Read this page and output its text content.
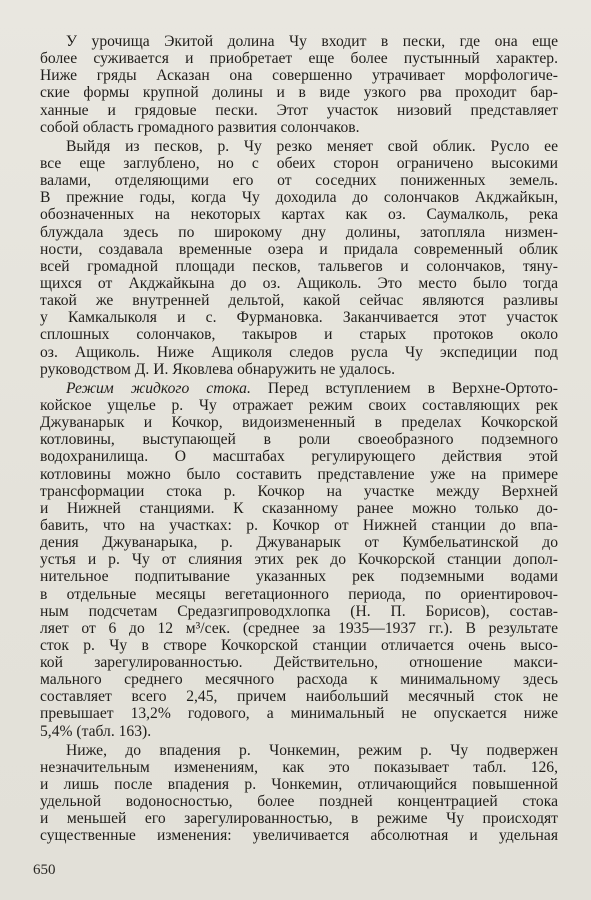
У урочища Экитой долина Чу входит в пески, где она еще
более суживается и приобретает еще более пустынный характер.
Ниже гряды Асказан она совершенно утрачивает морфологиче-
ские формы крупной долины и в виде узкого рва проходит бар-
ханные и грядовые пески. Этот участок низовий представляет
собой область громадного развития солончаков.

Выйдя из песков, р. Чу резко меняет свой облик. Русло ее
все еще заглублено, но с обеих сторон ограничено высокими
валами, отделяющими его от соседних пониженных земель.
В прежние годы, когда Чу доходила до солончаков Акджайкын,
обозначенных на некоторых картах как оз. Саумалколь, река
блуждала здесь по широкому дну долины, затопляла низмен-
ности, создавала временные озера и придала современный облик
всей громадной площади песков, тальвегов и солончаков, тяну-
щихся от Акджайкына до оз. Ащиколь. Это место было тогда
такой же внутренней дельтой, какой сейчас являются разливы
у Камкалыколя и с. Фурмановка. Заканчивается этот участок
сплошных солончаков, такыров и старых протоков около
оз. Ащиколь. Ниже Ащиколя следов русла Чу экспедиции под
руководством Д. И. Яковлева обнаружить не удалось.

Режим жидкого стока. Перед вступлением в Верхне-Ортото-
койское ущелье р. Чу отражает режим своих составляющих рек
Джуванарык и Кочкор, видоизмененный в пределах Кочкорской
котловины, выступающей в роли своеобразного подземного
водохранилища. О масштабах регулирующего действия этой
котловины можно было составить представление уже на примере
трансформации стока р. Кочкор на участке между Верхней
и Нижней станциями. К сказанному ранее можно только до-
бавить, что на участках: р. Кочкор от Нижней станции до впа-
дения Джуванарыка, р. Джуванарык от Кумбельатинской до
устья и р. Чу от слияния этих рек до Кочкорской станции допол-
нительное подпитывание указанных рек подземными водами
в отдельные месяцы вегетационного периода, по ориентировоч-
ным подсчетам Средазгипроводхлопка (Н. П. Борисов), состав-
ляет от 6 до 12 м³/сек. (среднее за 1935—1937 гг.). В результате
сток р. Чу в створе Кочкорской станции отличается очень высо-
кой зарегулированностью. Действительно, отношение макси-
мального среднего месячного расхода к минимальному здесь
составляет всего 2,45, причем наибольший месячный сток не
превышает 13,2% годового, а минимальный не опускается ниже
5,4% (табл. 163).

Ниже, до впадения р. Чонкемин, режим р. Чу подвержен
незначительным изменениям, как это показывает табл. 126,
и лишь после впадения р. Чонкемин, отличающийся повышенной
удельной водоносностью, более поздней концентрацией стока
и меньшей его зарегулированностью, в режиме Чу происходят
существенные изменения: увеличивается абсолютная и удельная

650
